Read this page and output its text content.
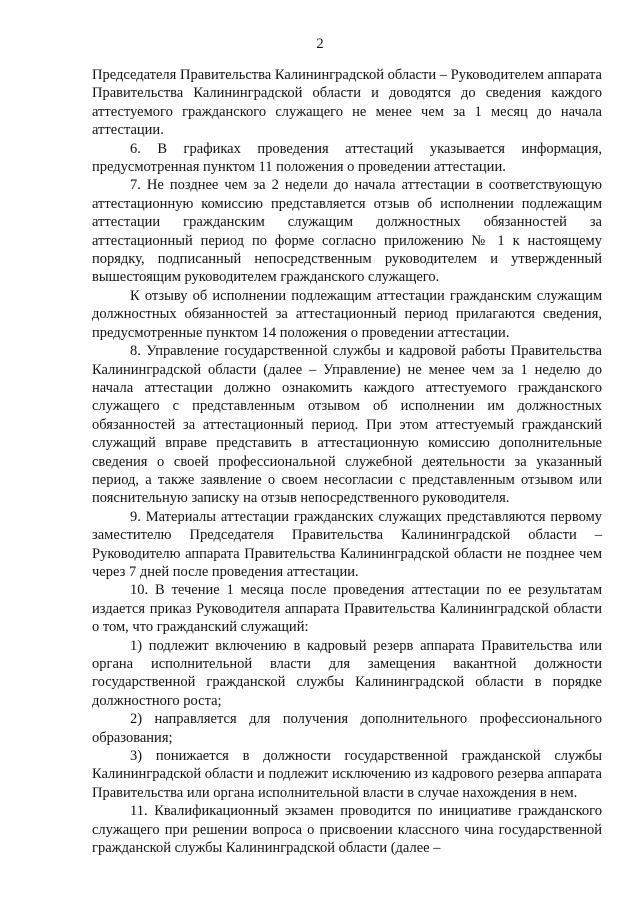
2

Председателя Правительства Калининградской области – Руководителем аппарата Правительства Калининградской области и доводятся до сведения каждого аттестуемого гражданского служащего не менее чем за 1 месяц до начала аттестации.

6. В графиках проведения аттестаций указывается информация, предусмотренная пунктом 11 положения о проведении аттестации.

7. Не позднее чем за 2 недели до начала аттестации в соответствующую аттестационную комиссию представляется отзыв об исполнении подлежащим аттестации гражданским служащим должностных обязанностей за аттестационный период по форме согласно приложению № 1 к настоящему порядку, подписанный непосредственным руководителем и утвержденный вышестоящим руководителем гражданского служащего.

К отзыву об исполнении подлежащим аттестации гражданским служащим должностных обязанностей за аттестационный период прилагаются сведения, предусмотренные пунктом 14 положения о проведении аттестации.

8. Управление государственной службы и кадровой работы Правительства Калининградской области (далее – Управление) не менее чем за 1 неделю до начала аттестации должно ознакомить каждого аттестуемого гражданского служащего с представленным отзывом об исполнении им должностных обязанностей за аттестационный период. При этом аттестуемый гражданский служащий вправе представить в аттестационную комиссию дополнительные сведения о своей профессиональной служебной деятельности за указанный период, а также заявление о своем несогласии с представленным отзывом или пояснительную записку на отзыв непосредственного руководителя.

9. Материалы аттестации гражданских служащих представляются первому заместителю Председателя Правительства Калининградской области – Руководителю аппарата Правительства Калининградской области не позднее чем через 7 дней после проведения аттестации.

10. В течение 1 месяца после проведения аттестации по ее результатам издается приказ Руководителя аппарата Правительства Калининградской области о том, что гражданский служащий:

1) подлежит включению в кадровый резерв аппарата Правительства или органа исполнительной власти для замещения вакантной должности государственной гражданской службы Калининградской области в порядке должностного роста;

2) направляется для получения дополнительного профессионального образования;

3) понижается в должности государственной гражданской службы Калининградской области и подлежит исключению из кадрового резерва аппарата Правительства или органа исполнительной власти в случае нахождения в нем.

11. Квалификационный экзамен проводится по инициативе гражданского служащего при решении вопроса о присвоении классного чина государственной гражданской службы Калининградской области (далее –
